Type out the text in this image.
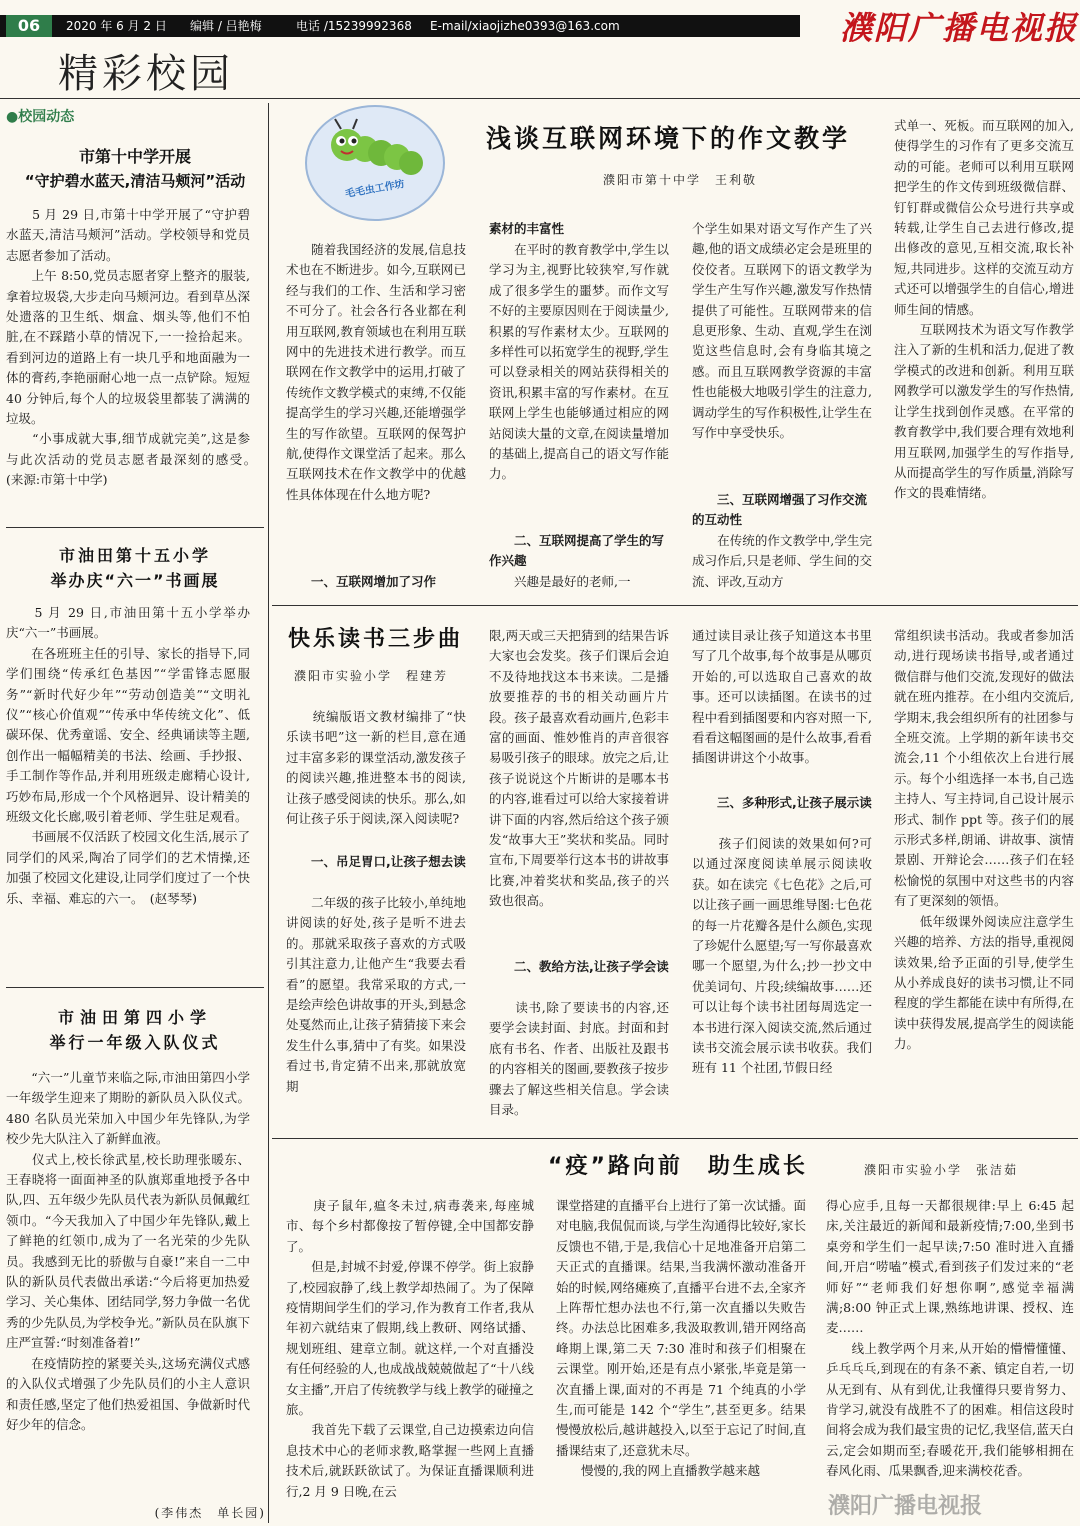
06	2020 年 6 月 2 日 编辑 / 吕艳梅	电话 /15239992368 E-mail/xiaojizhe0393@163.com	濮阳广播电视报
精彩校园
●校园动态
市第十中学开展
“守护碧水蓝天,清洁马颊河”活动
　　5 月 29 日,市第十中学开展了“守护碧水蓝天,清洁马颊河”活动。学校领导和党员志愿者参加了活动。
　　上午 8:50,党员志愿者穿上整齐的服装,拿着垃圾袋,大步走向马颊河边。看到草丛深处遗落的卫生纸、烟盒、烟头等,他们不怕脏,在不踩踏小草的情况下,一一捡拾起来。看到河边的道路上有一块几乎和地面融为一体的膏药,李艳丽耐心地一点一点铲除。短短 40 分钟后,每个人的垃圾袋里都装了满满的垃圾。
　　“小事成就大事,细节成就完美”,这是参与此次活动的党员志愿者最深刻的感受。　(来源:市第十中学)
市油田第十五小学
举办庆“六一”书画展
　　5 月 29 日,市油田第十五小学举办庆“六一”书画展。
　　在各班班主任的引导、家长的指导下,同学们围绕“传承红色基因”“学雷锋志愿服务”“新时代好少年”“劳动创造美”“文明礼仪”“核心价值观”“传承中华传统文化”、低碳环保、优秀童谣、安全、经典诵读等主题,创作出一幅幅精美的书法、绘画、手抄报、手工制作等作品,并利用班级走廊精心设计,巧妙布局,形成一个个风格迥异、设计精美的班级文化长廊,吸引着老师、学生驻足观看。
　　书画展不仅活跃了校园文化生活,展示了同学们的风采,陶冶了同学们的艺术情操,还加强了校园文化建设,让同学们度过了一个快乐、幸福、难忘的六一。　(赵琴琴)
市油田第四小学
举行一年级入队仪式
　　“六一”儿童节来临之际,市油田第四小学一年级学生迎来了期盼的新队员入队仪式。480 名队员光荣加入中国少年先锋队,为学校少先大队注入了新鲜血液。
　　仪式上,校长徐武星,校长助理张暖东、王春晓将一面面神圣的队旗郑重地授予各中队,四、五年级少先队员代表为新队员佩戴红领巾。“今天我加入了中国少年先锋队,戴上了鲜艳的红领巾,成为了一名光荣的少先队员。我感到无比的骄傲与自豪!”来自一二中队的新队员代表做出承诺:“今后将更加热爱学习、关心集体、团结同学,努力争做一名优秀的少先队员,为学校争光。”新队员在队旗下庄严宣誓:“时刻准备着!”
　　在疫情防控的紧要关头,这场充满仪式感的入队仪式增强了少先队员们的小主人意识和责任感,坚定了他们热爱祖国、争做新时代好少年的信念。
(李伟杰　单长园)
毛毛虫工作坊
浅谈互联网环境下的作文教学
濮阳市第十中学　王利敬
　　随着我国经济的发展,信息技术也在不断进步。如今,互联网已经与我们的工作、生活和学习密不可分了。社会各行各业都在利用互联网,教育领域也在利用互联网中的先进技术进行教学。而互联网在作文教学中的运用,打破了传统作文教学模式的束缚,不仅能提高学生的学习兴趣,还能增强学生的写作欲望。互联网的保驾护航,使得作文课堂活了起来。那么互联网技术在作文教学中的优越性具体体现在什么地方呢?
　　一、互联网增加了习作
素材的丰富性
　　在平时的教育教学中,学生以学习为主,视野比较狭窄,写作就成了很多学生的噩梦。而作文写不好的主要原因则在于阅读量少,积累的写作素材太少。互联网的多样性可以拓宽学生的视野,学生可以登录相关的网站获得相关的资讯,积累丰富的写作素材。在互联网上学生也能够通过相应的网站阅读大量的文章,在阅读量增加的基础上,提高自己的语文写作能力。
　　二、互联网提高了学生的写作兴趣
　　兴趣是最好的老师,一
个学生如果对语文写作产生了兴趣,他的语文成绩必定会是班里的佼佼者。互联网下的语文教学为学生产生写作兴趣,激发写作热情提供了可能性。互联网带来的信息更形象、生动、直观,学生在浏览这些信息时,会有身临其境之感。而且互联网教学资源的丰富性也能极大地吸引学生的注意力,调动学生的写作积极性,让学生在写作中享受快乐。
　　三、互联网增强了习作交流的互动性
　　在传统的作文教学中,学生完成习作后,只是老师、学生间的交流、评改,互动方
式单一、死板。而互联网的加入,使得学生的习作有了更多交流互动的可能。老师可以利用互联网把学生的作文传到班级微信群、钉钉群或微信公众号进行共享或转载,让学生自己去进行修改,提出修改的意见,互相交流,取长补短,共同进步。这样的交流互动方式还可以增强学生的自信心,增进师生间的情感。
　　互联网技术为语文写作教学注入了新的生机和活力,促进了教学模式的改进和创新。利用互联网教学可以激发学生的写作热情,让学生找到创作灵感。在平常的教育教学中,我们要合理有效地利用互联网,加强学生的写作指导,从而提高学生的写作质量,消除写作文的畏难情绪。
快乐读书三步曲
濮阳市实验小学　程建芳
　　统编版语文教材编排了“快乐读书吧”这一新的栏目,意在通过丰富多彩的课堂活动,激发孩子的阅读兴趣,推进整本书的阅读,让孩子感受阅读的快乐。那么,如何让孩子乐于阅读,深入阅读呢?
　　一、吊足胃口,让孩子想去读
　　二年级的孩子比较小,单纯地讲阅读的好处,孩子是听不进去的。那就采取孩子喜欢的方式吸引其注意力,让他产生“我要去看看”的愿望。我常采取的方式,一是绘声绘色讲故事的开头,到悬念处戛然而止,让孩子猜猜接下来会发生什么事,猜中了有奖。如果没看过书,肯定猜不出来,那就放宽期
限,两天或三天把猜到的结果告诉大家也会发奖。孩子们课后会迫不及待地找这本书来读。二是播放要推荐的书的相关动画片片段。孩子最喜欢看动画片,色彩丰富的画面、惟妙惟肖的声音很容易吸引孩子的眼球。放完之后,让孩子说说这个片断讲的是哪本书的内容,谁看过可以给大家接着讲讲下面的内容,然后给这个孩子颁发“故事大王”奖状和奖品。同时宣布,下周要举行这本书的讲故事比赛,冲着奖状和奖品,孩子的兴致也很高。
　　二、教给方法,让孩子学会读
　　读书,除了要读书的内容,还要学会读封面、封底。封面和封底有书名、作者、出版社及跟书的内容相关的图画,要教孩子按步骤去了解这些相关信息。学会读目录。
通过读目录让孩子知道这本书里写了几个故事,每个故事是从哪页开始的,可以选取自己喜欢的故事。还可以读插图。在读书的过程中看到插图要和内容对照一下,看看这幅图画的是什么故事,看看插图讲讲这个小故事。
　　三、多种形式,让孩子展示读
　　孩子们阅读的效果如何?可以通过深度阅读单展示阅读收获。如在读完《七色花》之后,可以让孩子画一画思维导图:七色花的每一片花瓣各是什么颜色,实现了珍妮什么愿望;写一写你最喜欢哪一个愿望,为什么;抄一抄文中优美词句、片段;续编故事……还可以让每个读书社团每周选定一本书进行深入阅读交流,然后通过读书交流会展示读书收获。我们班有 11 个社团,节假日经
常组织读书活动。我或者参加活动,进行现场读书指导,或者通过微信群与他们交流,发现好的做法就在班内推荐。在小组内交流后,学期末,我会组织所有的社团参与全班交流。上学期的新年读书交流会,11 个小组依次上台进行展示。每个小组选择一本书,自己选主持人、写主持词,自己设计展示形式、制作 ppt 等。孩子们的展示形式多样,朗诵、讲故事、演情景剧、开辩论会……孩子们在轻松愉悦的氛围中对这些书的内容有了更深刻的领悟。
　　低年级课外阅读应注意学生兴趣的培养、方法的指导,重视阅读效果,给予正面的引导,使学生从小养成良好的读书习惯,让不同程度的学生都能在读中有所得,在读中获得发展,提高学生的阅读能力。
“疫”路向前　助生成长	濮阳市实验小学　张洁茹
　　庚子鼠年,瘟冬未过,病毒袭来,每座城市、每个乡村都像按了暂停键,全中国都安静了。
　　但是,封城不封爱,停课不停学。街上寂静了,校园寂静了,线上教学却热闹了。为了保障疫情期间学生们的学习,作为教育工作者,我从年初六就结束了假期,线上教研、网络试播、规划班组、建章立制。就这样,一个对直播没有任何经验的人,也成战战兢兢做起了“十八线女主播”,开启了传统教学与线上教学的碰撞之旅。
　　我首先下载了云课堂,自己边摸索边向信息技术中心的老师求教,略掌握一些网上直播技术后,就跃跃欲试了。为保证直播课顺利进行,2 月 9 日晚,在云
课堂搭建的直播平台上进行了第一次试播。面对电脑,我侃侃而谈,与学生沟通得比较好,家长反馈也不错,于是,我信心十足地准备开启第二天正式的直播课。结果,当我满怀激动准备开始的时候,网络瘫痪了,直播平台进不去,全家齐上阵帮忙想办法也不行,第一次直播以失败告终。办法总比困难多,我汲取教训,错开网络高峰期上课,第二天 7:30 准时和孩子们相聚在云课堂。刚开始,还是有点小紧张,毕竟是第一次直播上课,面对的不再是 71 个纯真的小学生,而可能是 142 个“学生”,甚至更多。结果慢慢放松后,越讲越投入,以至于忘记了时间,直播课结束了,还意犹未尽。
　　慢慢的,我的网上直播教学越来越
得心应手,且每一天都很规律:早上 6:45 起床,关注最近的新闻和最新疫情;7:00,坐到书桌旁和学生们一起早读;7:50 准时进入直播间,开启“唠嗑”模式,看到孩子们发过来的“老师好”“老师我们好想你啊”,感觉幸福满满;8:00 钟正式上课,熟练地讲课、授权、连麦……
　　线上教学两个月来,从开始的懵懵懂懂、乒乓乓乓,到现在的有条不紊、镇定自若,一切从无到有、从有到优,让我懂得只要肯努力、肯学习,就没有战胜不了的困难。相信这段时间将会成为我们最宝贵的记忆,我坚信,蓝天白云,定会如期而至;春暖花开,我们能够相拥在春风化雨、瓜果飘香,迎来满校花香。
濮阳广播电视报
